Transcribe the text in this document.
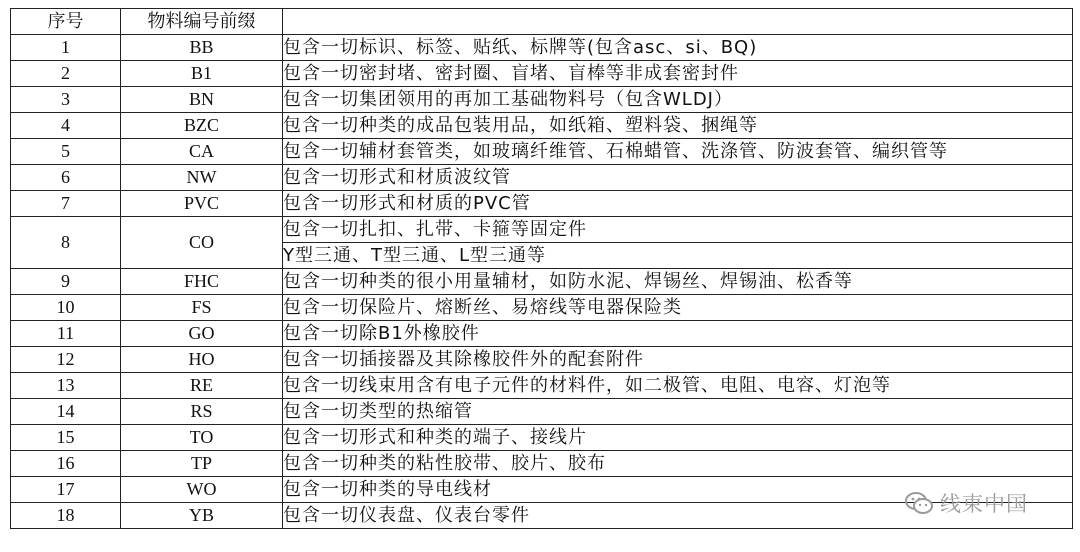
序号	物料编号前缀	
1	BB	包含一切标识、标签、贴纸、标牌等(包含asc、si、BQ)

2	B1	包含一切密封堵、密封圈、盲堵、盲棒等非成套密封件

3	BN	包含一切集团领用的再加工基础物料号（包含WLDJ）

4	BZC	包含一切种类的成品包装用品，如纸箱、塑料袋、捆绳等

5	CA	包含一切辅材套管类，如玻璃纤维管、石棉蜡管、洗涤管、防波套管、编织管等

6	NW	包含一切形式和材质波纹管

7	PVC	包含一切形式和材质的PVC管

8	CO	包含一切扎扣、扎带、卡箍等固定件
Y型三通、T型三通、L型三通等

9	FHC	包含一切种类的很小用量辅材，如防水泥、焊锡丝、焊锡油、松香等

10	FS	包含一切保险片、熔断丝、易熔线等电器保险类

11	GO	包含一切除B1外橡胶件

12	HO	包含一切插接器及其除橡胶件外的配套附件

13	RE	包含一切线束用含有电子元件的材料件，如二极管、电阻、电容、灯泡等

14	RS	包含一切类型的热缩管

15	TO	包含一切形式和种类的端子、接线片

16	TP	包含一切种类的粘性胶带、胶片、胶布

17	WO	包含一切种类的导电线材

18	YB	包含一切仪表盘、仪表台零件	线束中国
